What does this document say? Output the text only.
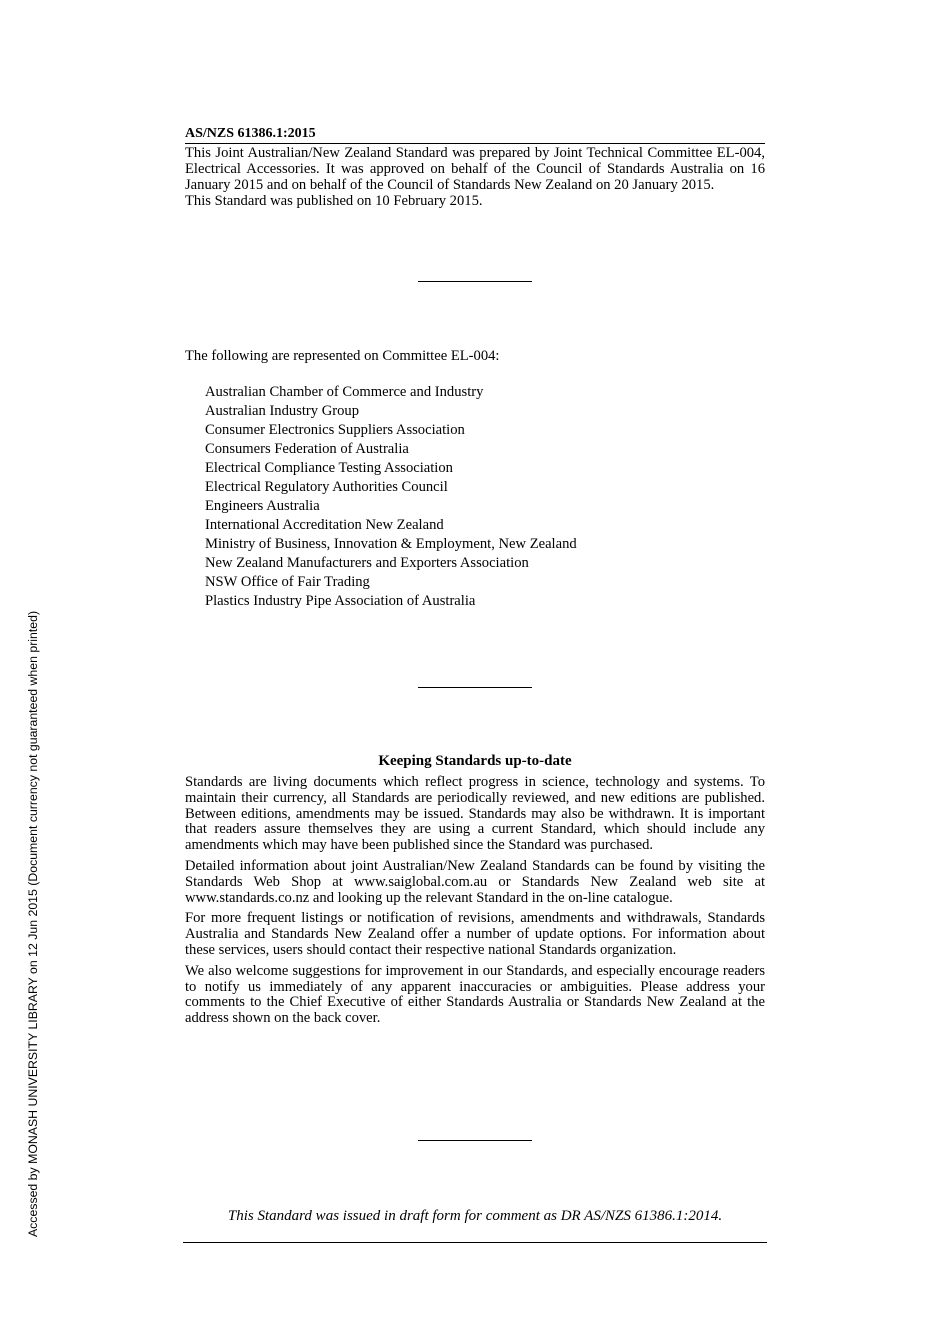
Accessed by MONASH UNIVERSITY LIBRARY on 12 Jun 2015 (Document currency not guaranteed when printed)
AS/NZS 61386.1:2015

This Joint Australian/New Zealand Standard was prepared by Joint Technical Committee EL-004, Electrical Accessories. It was approved on behalf of the Council of Standards Australia on 16 January 2015 and on behalf of the Council of Standards New Zealand on 20 January 2015.

This Standard was published on 10 February 2015.

The following are represented on Committee EL-004:
Australian Chamber of Commerce and Industry
Australian Industry Group
Consumer Electronics Suppliers Association
Consumers Federation of Australia
Electrical Compliance Testing Association
Electrical Regulatory Authorities Council
Engineers Australia
International Accreditation New Zealand
Ministry of Business, Innovation & Employment, New Zealand
New Zealand Manufacturers and Exporters Association
NSW Office of Fair Trading
Plastics Industry Pipe Association of Australia
Keeping Standards up-to-date

Standards are living documents which reflect progress in science, technology and systems. To maintain their currency, all Standards are periodically reviewed, and new editions are published. Between editions, amendments may be issued. Standards may also be withdrawn. It is important that readers assure themselves they are using a current Standard, which should include any amendments which may have been published since the Standard was purchased.

Detailed information about joint Australian/New Zealand Standards can be found by visiting the Standards Web Shop at www.saiglobal.com.au or Standards New Zealand web site at www.standards.co.nz and looking up the relevant Standard in the on-line catalogue.

For more frequent listings or notification of revisions, amendments and withdrawals, Standards Australia and Standards New Zealand offer a number of update options. For information about these services, users should contact their respective national Standards organization.

We also welcome suggestions for improvement in our Standards, and especially encourage readers to notify us immediately of any apparent inaccuracies or ambiguities. Please address your comments to the Chief Executive of either Standards Australia or Standards New Zealand at the address shown on the back cover.

This Standard was issued in draft form for comment as DR AS/NZS 61386.1:2014.
